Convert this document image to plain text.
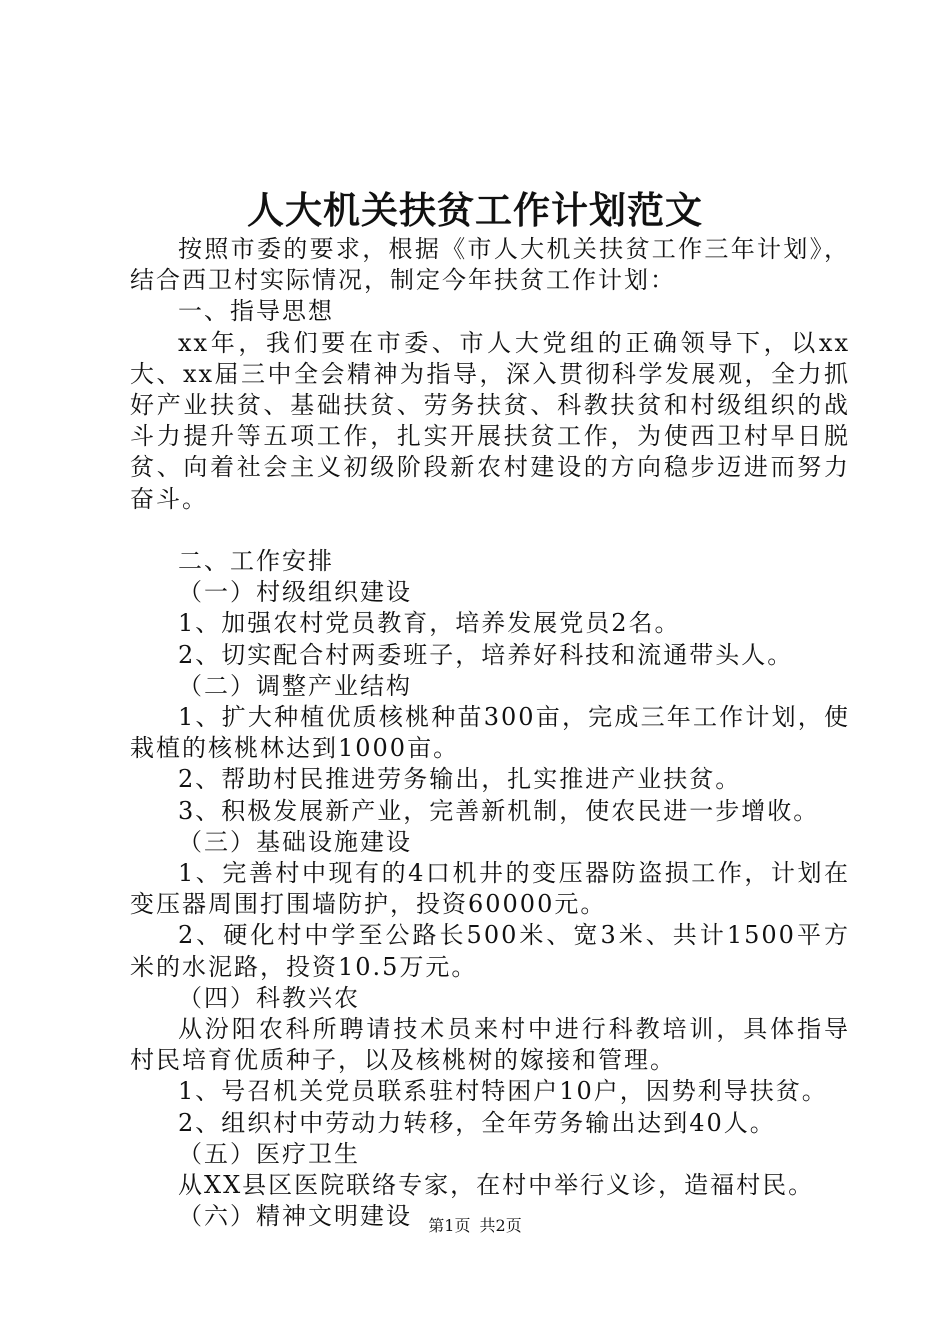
人大机关扶贫工作计划范文

按照市委的要求，根据《市人大机关扶贫工作三年计划》，结合西卫村实际情况，制定今年扶贫工作计划：

一、指导思想

xx年，我们要在市委、市人大党组的正确领导下，以xx大、xx届三中全会精神为指导，深入贯彻科学发展观，全力抓好产业扶贫、基础扶贫、劳务扶贫、科教扶贫和村级组织的战斗力提升等五项工作，扎实开展扶贫工作，为使西卫村早日脱贫、向着社会主义初级阶段新农村建设的方向稳步迈进而努力奋斗。

二、工作安排

（一）村级组织建设

1、加强农村党员教育，培养发展党员2名。

2、切实配合村两委班子，培养好科技和流通带头人。

（二）调整产业结构

1、扩大种植优质核桃种苗300亩，完成三年工作计划，使栽植的核桃林达到1000亩。

2、帮助村民推进劳务输出，扎实推进产业扶贫。

3、积极发展新产业，完善新机制，使农民进一步增收。

（三）基础设施建设

1、完善村中现有的4口机井的变压器防盗损工作，计划在变压器周围打围墙防护，投资60000元。

2、硬化村中学至公路长500米、宽3米、共计1500平方米的水泥路，投资10.5万元。

（四）科教兴农

从汾阳农科所聘请技术员来村中进行科教培训，具体指导村民培育优质种子，以及核桃树的嫁接和管理。

1、号召机关党员联系驻村特困户10户，因势利导扶贫。

2、组织村中劳动力转移，全年劳务输出达到40人。

（五）医疗卫生

从XX县区医院联络专家，在村中举行义诊，造福村民。

（六）精神文明建设	第1页 共2页
